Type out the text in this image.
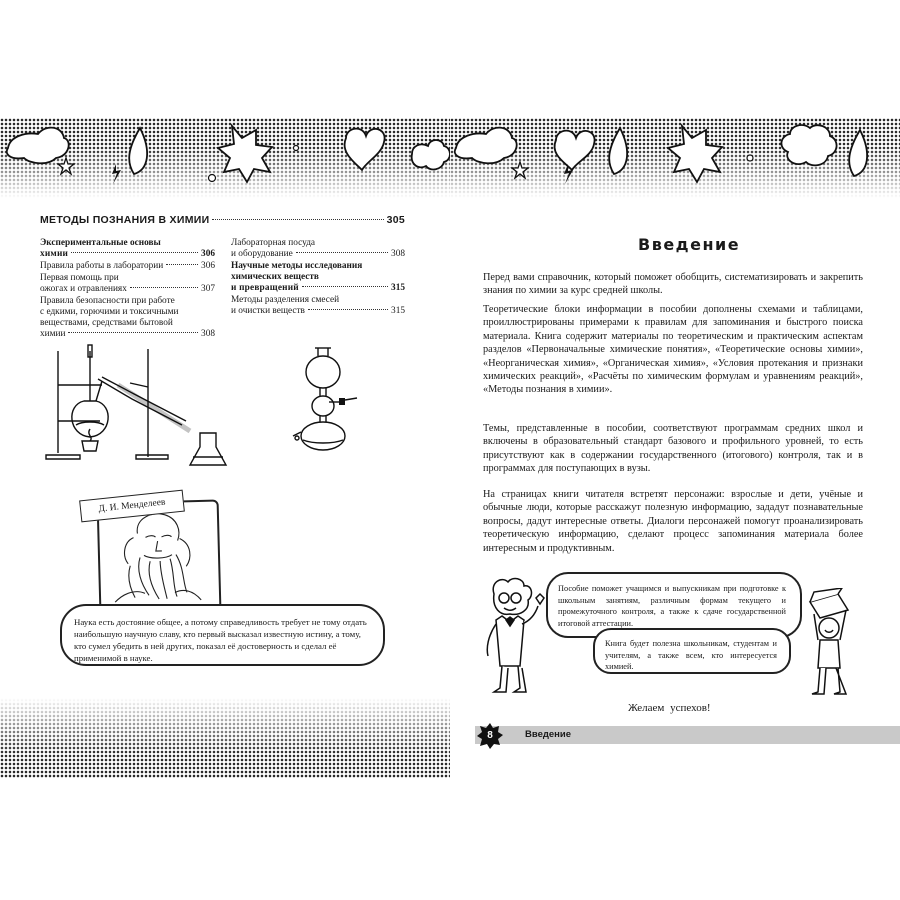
МЕТОДЫ ПОЗНАНИЯ В ХИМИИ	305
Экспериментальные основы
химии	306
Правила работы в лаборатории	306
Первая помощь при
ожогах и отравлениях	307
Правила безопасности при работе
с едкими, горючими и токсичными
веществами, средствами бытовой
химии	308
Лабораторная посуда
и оборудование	308
Научные методы исследования
химических веществ
и превращений	315
Методы разделения смесей
и очистки веществ	315
Д. И. Менделеев
Наука есть достояние общее, а потому справедливость требует не тому отдать наибольшую научную славу, кто первый высказал известную истину, а тому, кто сумел убедить в ней других, показал её достоверность и сделал её применимой в науке.
Введение
Перед вами справочник, который поможет обобщить, систематизировать и закрепить знания по химии за курс средней школы.
Теоретические блоки информации в пособии дополнены схемами и таблицами, проиллюстрированы примерами к правилам для запоминания и быстрого поиска материала. Книга содержит материалы по теоретическим и практическим аспектам разделов «Первоначальные химические понятия», «Теоретические основы химии», «Неорганическая химия», «Органическая химия», «Условия протекания и признаки химических реакций», «Расчёты по химическим формулам и уравнениям реакций», «Методы познания в химии».
Темы, представленные в пособии, соответствуют программам средних школ и включены в образовательный стандарт базового и профильного уровней, то есть присутствуют как в содержании государственного (итогового) контроля, так и в программах для поступающих в вузы.
На страницах книги читателя встретят персонажи: взрослые и дети, учёные и обычные люди, которые расскажут полезную информацию, зададут познавательные вопросы, дадут интересные ответы. Диалоги персонажей помогут проанализировать теоретическую информацию, сделают процесс запоминания материала более интересным и продуктивным.
Пособие поможет учащимся и выпускникам при подготовке к школьным занятиям, различным формам текущего и промежуточного контроля, а также к сдаче государственной итоговой аттестации.
Книга будет полезна школьникам, студентам и учителям, а также всем, кто интересуется химией.
Желаем успехов!
Введение
8
